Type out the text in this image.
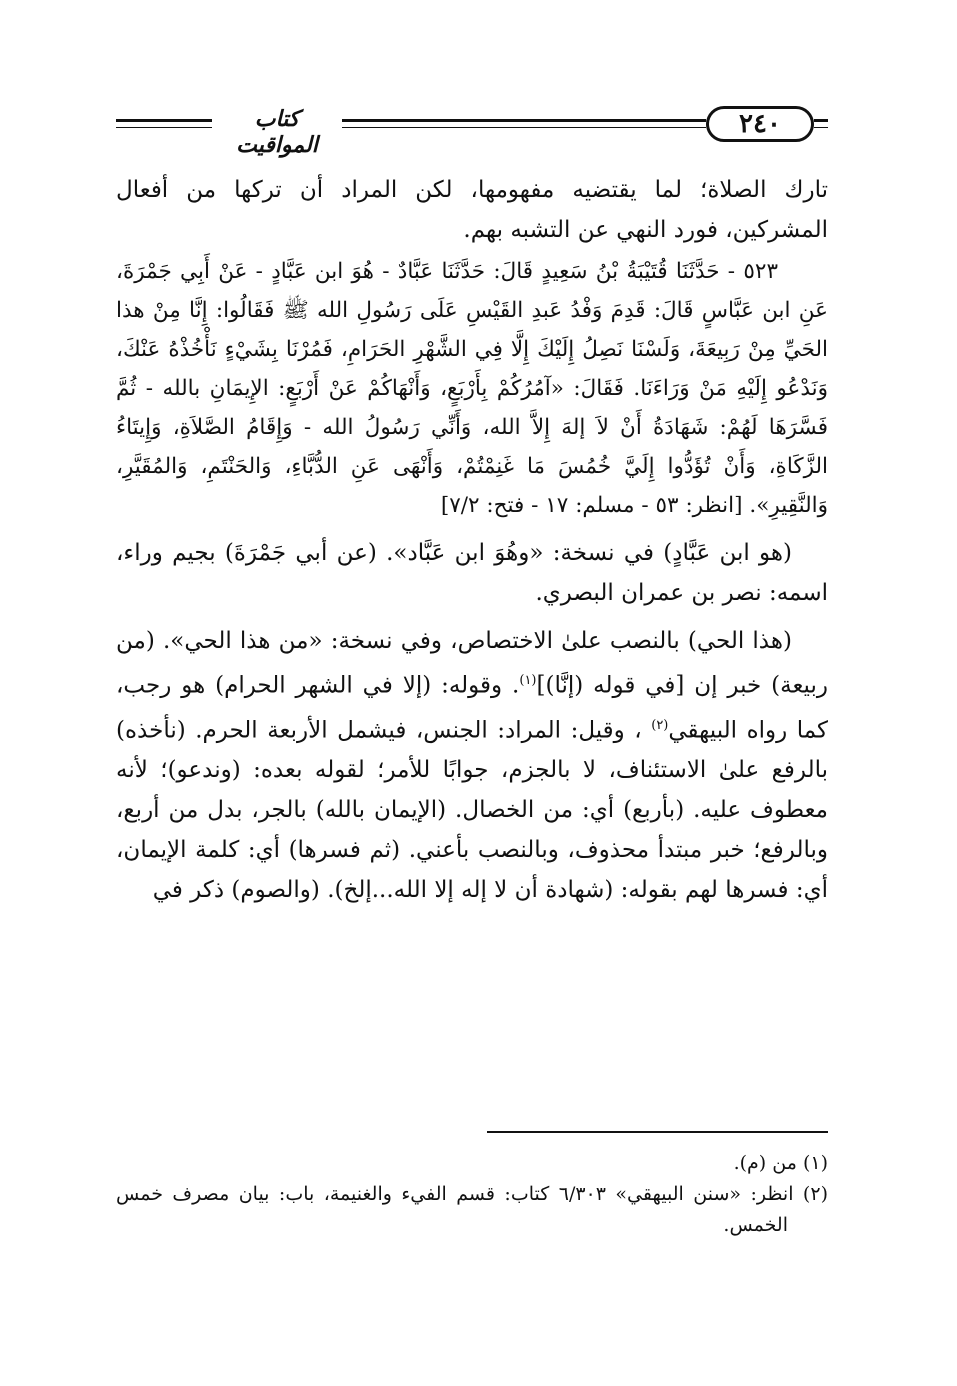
كتاب المواقيت
٢٤٠

تارك الصلاة؛ لما يقتضيه مفهومها، لكن المراد أن تركها من أفعال المشركين، فورد النهي عن التشبه بهم.

٥٢٣ - حَدَّثَنَا قُتَيْبَةُ بْنُ سَعِيدٍ قَالَ: حَدَّثَنَا عَبَّادٌ - هُوَ ابن عَبَّادٍ - عَنْ أَبِي جَمْرَةَ، عَنِ ابن عَبَّاسٍ قَالَ: قَدِمَ وَفْدُ عَبدِ القَيْسِ عَلَى رَسُولِ الله ﷺ فَقَالُوا: إِنَّا مِنْ هذا الحَيِّ مِنْ رَبِيعَةَ، وَلَسْنَا نَصِلُ إِلَيْكَ إِلَّا فِي الشَّهْرِ الحَرَامِ، فَمُرْنَا بِشَيْءٍ نَأْخُذْهُ عَنْكَ، وَنَدْعُو إِلَيْهِ مَنْ وَرَاءَنَا. فَقَالَ: «آمُرُكُمْ بِأَرْبَعٍ، وَأَنْهَاكُمْ عَنْ أَرْبَعٍ: الإِيمَانِ بالله - ثُمَّ فَسَّرَهَا لَهُمْ: شَهَادَةُ أَنْ لاَ إلهَ إِلاَّ الله، وَأَنِّي رَسُولُ الله - وَإِقَامُ الصَّلاَةِ، وَإِيتَاءُ الزَّكَاةِ، وَأَنْ تُؤَدُّوا إِلَيَّ خُمُسَ مَا غَنِمْتُمْ، وَأَنْهَى عَنِ الدُّبَّاءِ، وَالحَنْتَمِ، وَالمُقَيَّرِ، وَالنَّقِيرِ». [انظر: ٥٣ - مسلم: ١٧ - فتح: ٧/٢]

(هو ابن عَبَّادٍ) في نسخة: «وهُوَ ابن عَبَّاد». (عن أبي جَمْرَةَ) بجيم وراء، اسمه: نصر بن عمران البصري.

(هذا الحي) بالنصب علىٰ الاختصاص، وفي نسخة: «من هذا الحي». (من ربيعة) خبر إن [في قوله (إنَّا)]$^{(١)}$. وقوله: (إلا في الشهر الحرام) هو رجب، كما رواه البيهقي$^{(٢)}$ ، وقيل: المراد: الجنس، فيشمل الأربعة الحرم. (نأخذه) بالرفع علىٰ الاستئناف، لا بالجزم، جوابًا للأمر؛ لقوله بعده: (وندعو)؛ لأنه معطوف عليه. (بأربع) أي: من الخصال. (الإيمان بالله) بالجر، بدل من أربع، وبالرفع؛ خبر مبتدأ محذوف، وبالنصب بأعني. (ثم فسرها) أي: كلمة الإيمان، أي: فسرها لهم بقوله: (شهادة أن لا إله إلا الله...إلخ). (والصوم) ذكر في

(١) من (م).

(٢) انظر: «سنن البيهقي» ٦/٣٠٣ كتاب: قسم الفيء والغنيمة، باب: بيان مصرف خمس الخمس.
